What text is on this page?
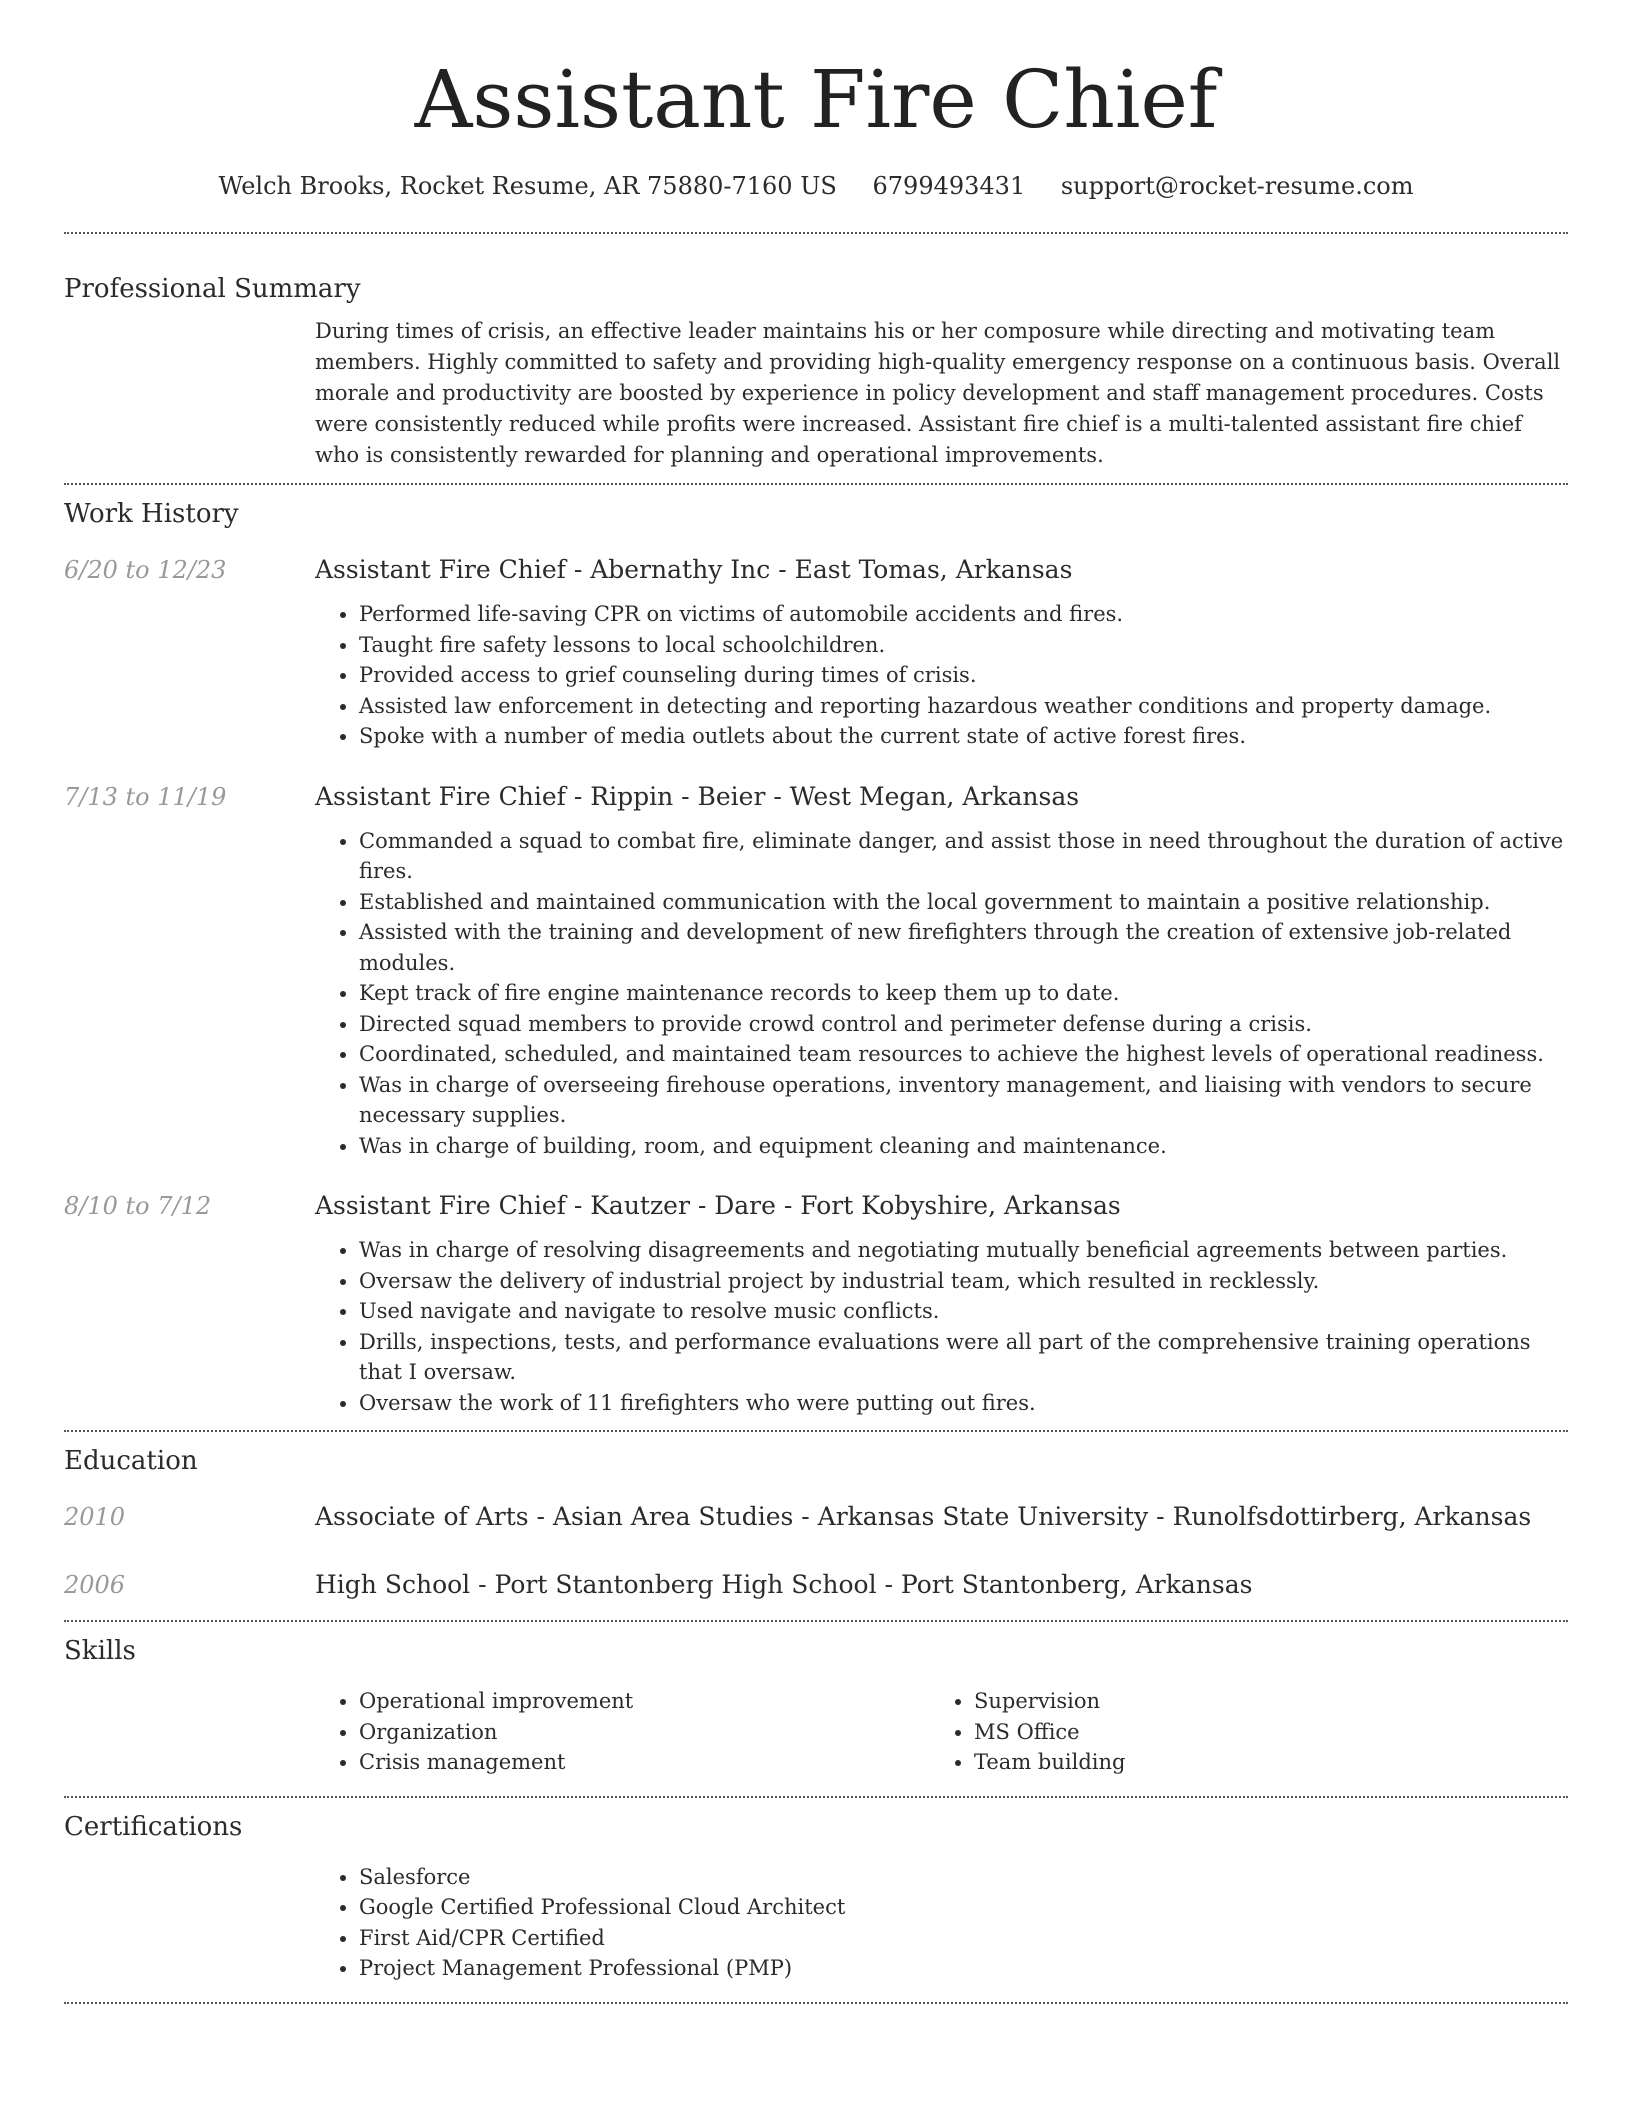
Assistant Fire Chief
Welch Brooks, Rocket Resume, AR 75880-7160 US 6799493431 support@rocket-resume.com
Professional Summary
During times of crisis, an effective leader maintains his or her composure while directing and motivating team members. Highly committed to safety and providing high-quality emergency response on a continuous basis. Overall morale and productivity are boosted by experience in policy development and staff management procedures. Costs were consistently reduced while profits were increased. Assistant fire chief is a multi-talented assistant fire chief who is consistently rewarded for planning and operational improvements.
Work History
6/20 to 12/23	Assistant Fire Chief - Abernathy Inc - East Tomas, Arkansas
• Performed life-saving CPR on victims of automobile accidents and fires.
• Taught fire safety lessons to local schoolchildren.
• Provided access to grief counseling during times of crisis.
• Assisted law enforcement in detecting and reporting hazardous weather conditions and property damage.
• Spoke with a number of media outlets about the current state of active forest fires.
7/13 to 11/19	Assistant Fire Chief - Rippin - Beier - West Megan, Arkansas
• Commanded a squad to combat fire, eliminate danger, and assist those in need throughout the duration of active fires.
• Established and maintained communication with the local government to maintain a positive relationship.
• Assisted with the training and development of new firefighters through the creation of extensive job-related modules.
• Kept track of fire engine maintenance records to keep them up to date.
• Directed squad members to provide crowd control and perimeter defense during a crisis.
• Coordinated, scheduled, and maintained team resources to achieve the highest levels of operational readiness.
• Was in charge of overseeing firehouse operations, inventory management, and liaising with vendors to secure necessary supplies.
• Was in charge of building, room, and equipment cleaning and maintenance.
8/10 to 7/12	Assistant Fire Chief - Kautzer - Dare - Fort Kobyshire, Arkansas
• Was in charge of resolving disagreements and negotiating mutually beneficial agreements between parties.
• Oversaw the delivery of industrial project by industrial team, which resulted in recklessly.
• Used navigate and navigate to resolve music conflicts.
• Drills, inspections, tests, and performance evaluations were all part of the comprehensive training operations that I oversaw.
• Oversaw the work of 11 firefighters who were putting out fires.
Education
2010	Associate of Arts - Asian Area Studies - Arkansas State University - Runolfsdottirberg, Arkansas
2006	High School - Port Stantonberg High School - Port Stantonberg, Arkansas
Skills
• Operational improvement
• Organization
• Crisis management
• Supervision
• MS Office
• Team building
Certifications
• Salesforce
• Google Certified Professional Cloud Architect
• First Aid/CPR Certified
• Project Management Professional (PMP)
